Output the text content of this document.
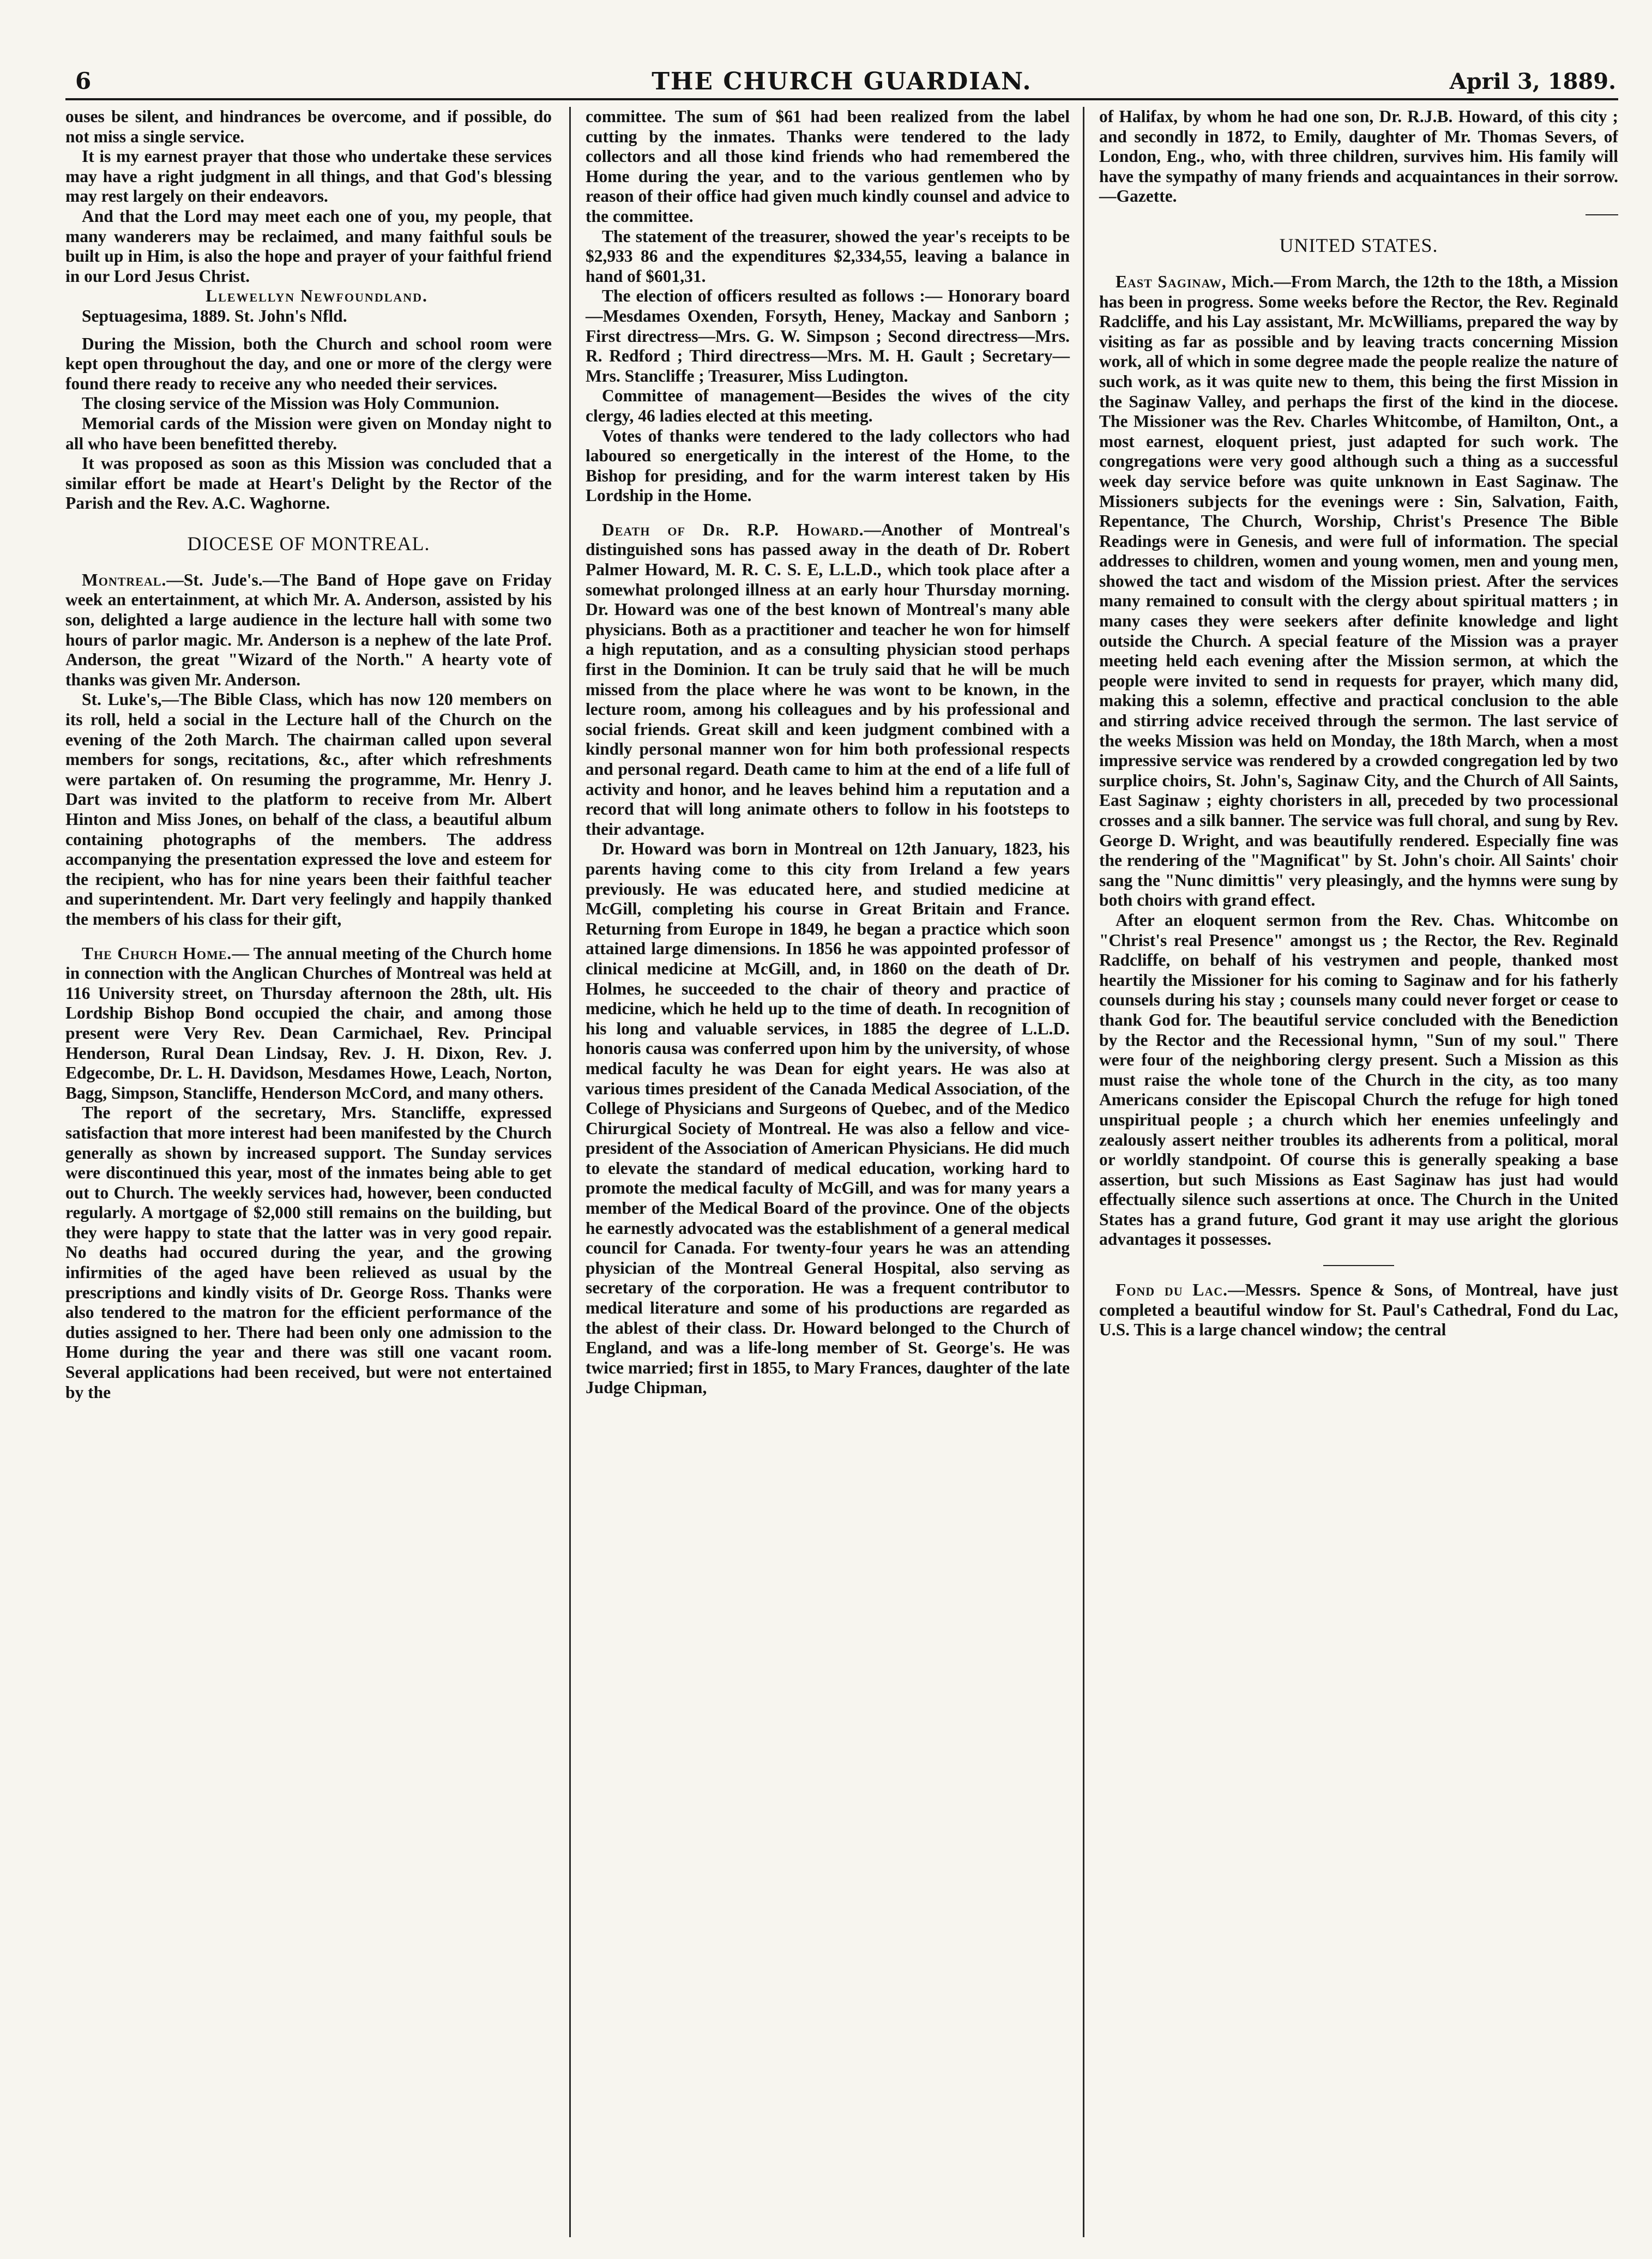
6	THE CHURCH GUARDIAN.	April 3, 1889.

ouses be silent, and hindrances be overcome, and if possible, do not miss a single service.

It is my earnest prayer that those who undertake these services may have a right judgment in all things, and that God's blessing may rest largely on their endeavors.

And that the Lord may meet each one of you, my people, that many wanderers may be reclaimed, and many faithful souls be built up in Him, is also the hope and prayer of your faithful friend in our Lord Jesus Christ.

Llewellyn Newfoundland.

Septuagesima, 1889. St. John's Nfld.

During the Mission, both the Church and school room were kept open throughout the day, and one or more of the clergy were found there ready to receive any who needed their services.

The closing service of the Mission was Holy Communion.

Memorial cards of the Mission were given on Monday night to all who have been benefitted thereby.

It was proposed as soon as this Mission was concluded that a similar effort be made at Heart's Delight by the Rector of the Parish and the Rev. A.C. Waghorne.

DIOCESE OF MONTREAL.

Montreal.—St. Jude's.—The Band of Hope gave on Friday week an entertainment, at which Mr. A. Anderson, assisted by his son, delighted a large audience in the lecture hall with some two hours of parlor magic. Mr. Anderson is a nephew of the late Prof. Anderson, the great "Wizard of the North." A hearty vote of thanks was given Mr. Anderson.

St. Luke's,—The Bible Class, which has now 120 members on its roll, held a social in the Lecture hall of the Church on the evening of the 2oth March. The chairman called upon several members for songs, recitations, &c., after which refreshments were partaken of. On resuming the programme, Mr. Henry J. Dart was invited to the platform to receive from Mr. Albert Hinton and Miss Jones, on behalf of the class, a beautiful album containing photographs of the members. The address accompanying the presentation expressed the love and esteem for the recipient, who has for nine years been their faithful teacher and superintendent. Mr. Dart very feelingly and happily thanked the members of his class for their gift,

The Church Home.— The annual meeting of the Church home in connection with the Anglican Churches of Montreal was held at 116 University street, on Thursday afternoon the 28th, ult. His Lordship Bishop Bond occupied the chair, and among those present were Very Rev. Dean Carmichael, Rev. Principal Henderson, Rural Dean Lindsay, Rev. J. H. Dixon, Rev. J. Edgecombe, Dr. L. H. Davidson, Mesdames Howe, Leach, Norton, Bagg, Simpson, Stancliffe, Henderson McCord, and many others.

The report of the secretary, Mrs. Stancliffe, expressed satisfaction that more interest had been manifested by the Church generally as shown by increased support. The Sunday services were discontinued this year, most of the inmates being able to get out to Church. The weekly services had, however, been conducted regularly. A mortgage of $2,000 still remains on the building, but they were happy to state that the latter was in very good repair. No deaths had occured during the year, and the growing infirmities of the aged have been relieved as usual by the prescriptions and kindly visits of Dr. George Ross. Thanks were also tendered to the matron for the efficient performance of the duties assigned to her. There had been only one admission to the Home during the year and there was still one vacant room. Several applications had been received, but were not entertained by the

committee. The sum of $61 had been realized from the label cutting by the inmates. Thanks were tendered to the lady collectors and all those kind friends who had remembered the Home during the year, and to the various gentlemen who by reason of their office had given much kindly counsel and advice to the committee.

The statement of the treasurer, showed the year's receipts to be $2,933 86 and the expenditures $2,334,55, leaving a balance in hand of $601,31.

The election of officers resulted as follows :— Honorary board—Mesdames Oxenden, Forsyth, Heney, Mackay and Sanborn ; First directress—Mrs. G. W. Simpson ; Second directress—Mrs. R. Redford ; Third directress—Mrs. M. H. Gault ; Secretary—Mrs. Stancliffe ; Treasurer, Miss Ludington.

Committee of management—Besides the wives of the city clergy, 46 ladies elected at this meeting.

Votes of thanks were tendered to the lady collectors who had laboured so energetically in the interest of the Home, to the Bishop for presiding, and for the warm interest taken by His Lordship in the Home.

Death of Dr. R.P. Howard.—Another of Montreal's distinguished sons has passed away in the death of Dr. Robert Palmer Howard, M. R. C. S. E, L.L.D., which took place after a somewhat prolonged illness at an early hour Thursday morning. Dr. Howard was one of the best known of Montreal's many able physicians. Both as a practitioner and teacher he won for himself a high reputation, and as a consulting physician stood perhaps first in the Dominion. It can be truly said that he will be much missed from the place where he was wont to be known, in the lecture room, among his colleagues and by his professional and social friends. Great skill and keen judgment combined with a kindly personal manner won for him both professional respects and personal regard. Death came to him at the end of a life full of activity and honor, and he leaves behind him a reputation and a record that will long animate others to follow in his footsteps to their advantage.

Dr. Howard was born in Montreal on 12th January, 1823, his parents having come to this city from Ireland a few years previously. He was educated here, and studied medicine at McGill, completing his course in Great Britain and France. Returning from Europe in 1849, he began a practice which soon attained large dimensions. In 1856 he was appointed professor of clinical medicine at McGill, and, in 1860 on the death of Dr. Holmes, he succeeded to the chair of theory and practice of medicine, which he held up to the time of death. In recognition of his long and valuable services, in 1885 the degree of L.L.D. honoris causa was conferred upon him by the university, of whose medical faculty he was Dean for eight years. He was also at various times president of the Canada Medical Association, of the College of Physicians and Surgeons of Quebec, and of the Medico Chirurgical Society of Montreal. He was also a fellow and vice-president of the Association of American Physicians. He did much to elevate the standard of medical education, working hard to promote the medical faculty of McGill, and was for many years a member of the Medical Board of the province. One of the objects he earnestly advocated was the establishment of a general medical council for Canada. For twenty-four years he was an attending physician of the Montreal General Hospital, also serving as secretary of the corporation. He was a frequent contributor to medical literature and some of his productions are regarded as the ablest of their class. Dr. Howard belonged to the Church of England, and was a life-long member of St. George's. He was twice married; first in 1855, to Mary Frances, daughter of the late Judge Chipman,

of Halifax, by whom he had one son, Dr. R.J.B. Howard, of this city ; and secondly in 1872, to Emily, daughter of Mr. Thomas Severs, of London, Eng., who, with three children, survives him. His family will have the sympathy of many friends and acquaintances in their sorrow.—Gazette.

UNITED STATES.

East Saginaw, Mich.—From March, the 12th to the 18th, a Mission has been in progress. Some weeks before the Rector, the Rev. Reginald Radcliffe, and his Lay assistant, Mr. McWilliams, prepared the way by visiting as far as possible and by leaving tracts concerning Mission work, all of which in some degree made the people realize the nature of such work, as it was quite new to them, this being the first Mission in the Saginaw Valley, and perhaps the first of the kind in the diocese. The Missioner was the Rev. Charles Whitcombe, of Hamilton, Ont., a most earnest, eloquent priest, just adapted for such work. The congregations were very good although such a thing as a successful week day service before was quite unknown in East Saginaw. The Missioners subjects for the evenings were : Sin, Salvation, Faith, Repentance, The Church, Worship, Christ's Presence The Bible Readings were in Genesis, and were full of information. The special addresses to children, women and young women, men and young men, showed the tact and wisdom of the Mission priest. After the services many remained to consult with the clergy about spiritual matters ; in many cases they were seekers after definite knowledge and light outside the Church. A special feature of the Mission was a prayer meeting held each evening after the Mission sermon, at which the people were invited to send in requests for prayer, which many did, making this a solemn, effective and practical conclusion to the able and stirring advice received through the sermon. The last service of the weeks Mission was held on Monday, the 18th March, when a most impressive service was rendered by a crowded congregation led by two surplice choirs, St. John's, Saginaw City, and the Church of All Saints, East Saginaw ; eighty choristers in all, preceded by two processional crosses and a silk banner. The service was full choral, and sung by Rev. George D. Wright, and was beautifully rendered. Especially fine was the rendering of the "Magnificat" by St. John's choir. All Saints' choir sang the "Nunc dimittis" very pleasingly, and the hymns were sung by both choirs with grand effect.

After an eloquent sermon from the Rev. Chas. Whitcombe on "Christ's real Presence" amongst us ; the Rector, the Rev. Reginald Radcliffe, on behalf of his vestrymen and people, thanked most heartily the Missioner for his coming to Saginaw and for his fatherly counsels during his stay ; counsels many could never forget or cease to thank God for. The beautiful service concluded with the Benediction by the Rector and the Recessional hymn, "Sun of my soul." There were four of the neighboring clergy present. Such a Mission as this must raise the whole tone of the Church in the city, as too many Americans consider the Episcopal Church the refuge for high toned unspiritual people ; a church which her enemies unfeelingly and zealously assert neither troubles its adherents from a political, moral or worldly standpoint. Of course this is generally speaking a base assertion, but such Missions as East Saginaw has just had would effectually silence such assertions at once. The Church in the United States has a grand future, God grant it may use aright the glorious advantages it possesses.

Fond du Lac.—Messrs. Spence & Sons, of Montreal, have just completed a beautiful window for St. Paul's Cathedral, Fond du Lac, U.S. This is a large chancel window; the central
